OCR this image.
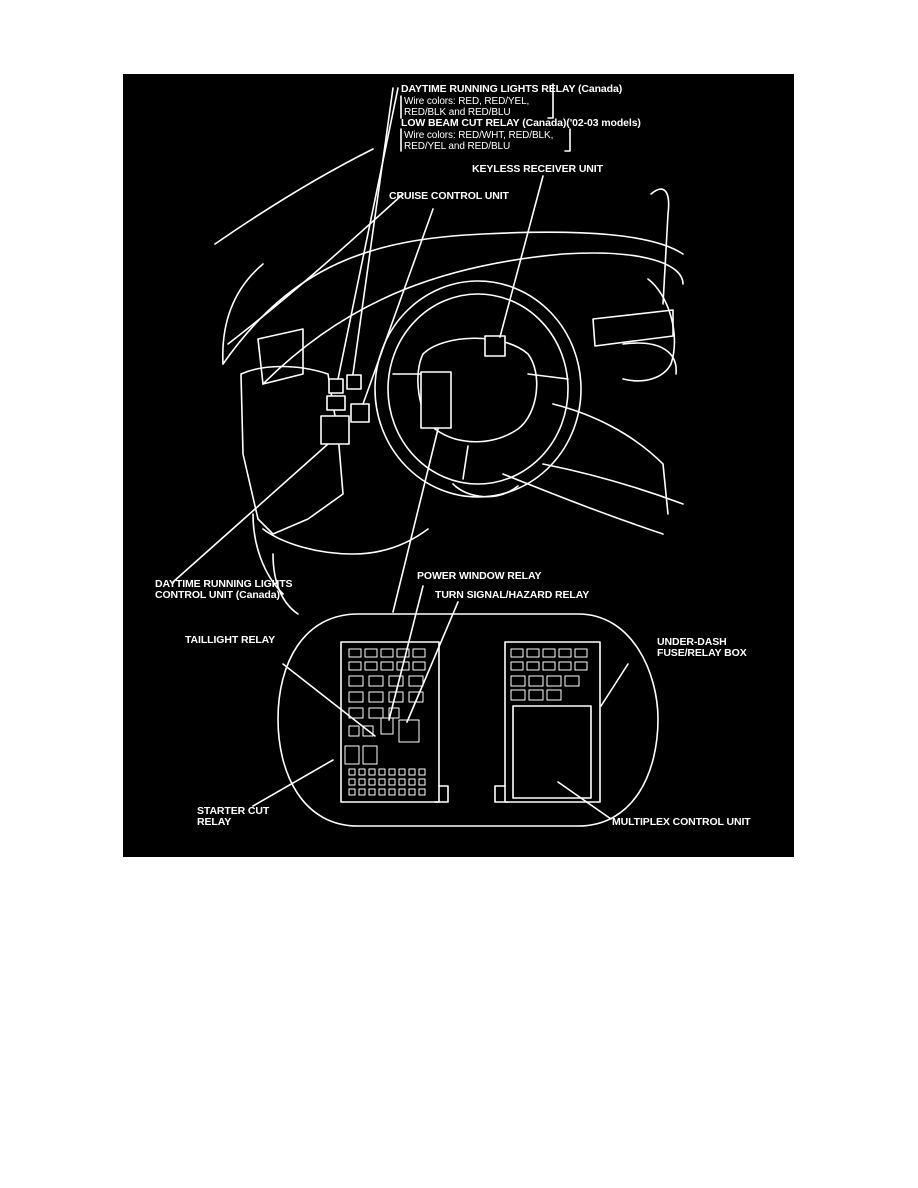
DAYTIME RUNNING LIGHTS RELAY (Canada)
Wire colors: RED, RED/YEL,
RED/BLK and RED/BLU
LOW BEAM CUT RELAY (Canada)('02-03 models)
Wire colors: RED/WHT, RED/BLK,
RED/YEL and RED/BLU
KEYLESS RECEIVER UNIT
CRUISE CONTROL UNIT
DAYTIME RUNNING LIGHTS
CONTROL UNIT (Canada)
POWER WINDOW RELAY
TURN SIGNAL/HAZARD RELAY
TAILLIGHT RELAY	UNDER-DASH
FUSE/RELAY BOX
STARTER CUT
RELAY	MULTIPLEX CONTROL UNIT
